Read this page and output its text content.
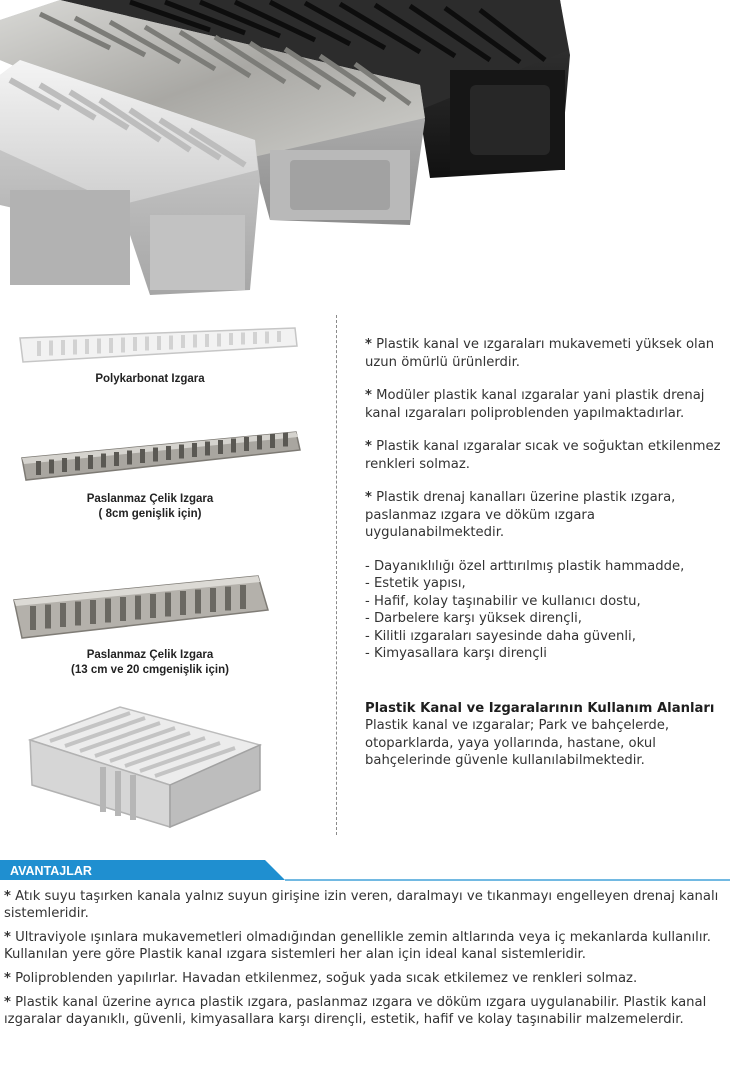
Polykarbonat Izgara
Paslanmaz Çelik Izgara
( 8cm genişlik için)
Paslanmaz Çelik Izgara
(13 cm ve 20 cmgenişlik için)

* Plastik kanal ve ızgaraları mukavemeti yüksek olan uzun ömürlü ürünlerdir.

* Modüler plastik kanal ızgaralar yani plastik drenaj kanal ızgaraları poliproblenden yapılmaktadırlar.

* Plastik kanal ızgaralar sıcak ve soğuktan etkilenmez renkleri solmaz.

* Plastik drenaj kanalları üzerine plastik ızgara, paslanmaz ızgara ve döküm ızgara uygulanabilmektedir.

- Dayanıklılığı özel arttırılmış plastik hammadde,
- Estetik yapısı,
- Hafif, kolay taşınabilir ve kullanıcı dostu,
- Darbelere karşı yüksek dirençli,
- Kilitli ızgaraları sayesinde daha güvenli,
- Kimyasallara karşı dirençli
Plastik Kanal ve Izgaralarının Kullanım Alanları
Plastik kanal ve ızgaralar; Park ve bahçelerde, otoparklarda, yaya yollarında, hastane, okul bahçelerinde güvenle kullanılabilmektedir.
AVANTAJLAR

* Atık suyu taşırken kanala yalnız suyun girişine izin veren, daralmayı ve tıkanmayı engelleyen drenaj kanalı sistemleridir.

* Ultraviyole ışınlara mukavemetleri olmadığından genellikle zemin altlarında veya iç mekanlarda kullanılır. Kullanılan yere göre Plastik kanal ızgara sistemleri her alan için ideal kanal sistemleridir.

* Poliproblenden yapılırlar. Havadan etkilenmez, soğuk yada sıcak etkilemez ve renkleri solmaz.

* Plastik kanal üzerine ayrıca plastik ızgara, paslanmaz ızgara ve döküm ızgara uygulanabilir. Plastik kanal ızgaralar dayanıklı, güvenli, kimyasallara karşı dirençli, estetik, hafif ve kolay taşınabilir malzemelerdir.
